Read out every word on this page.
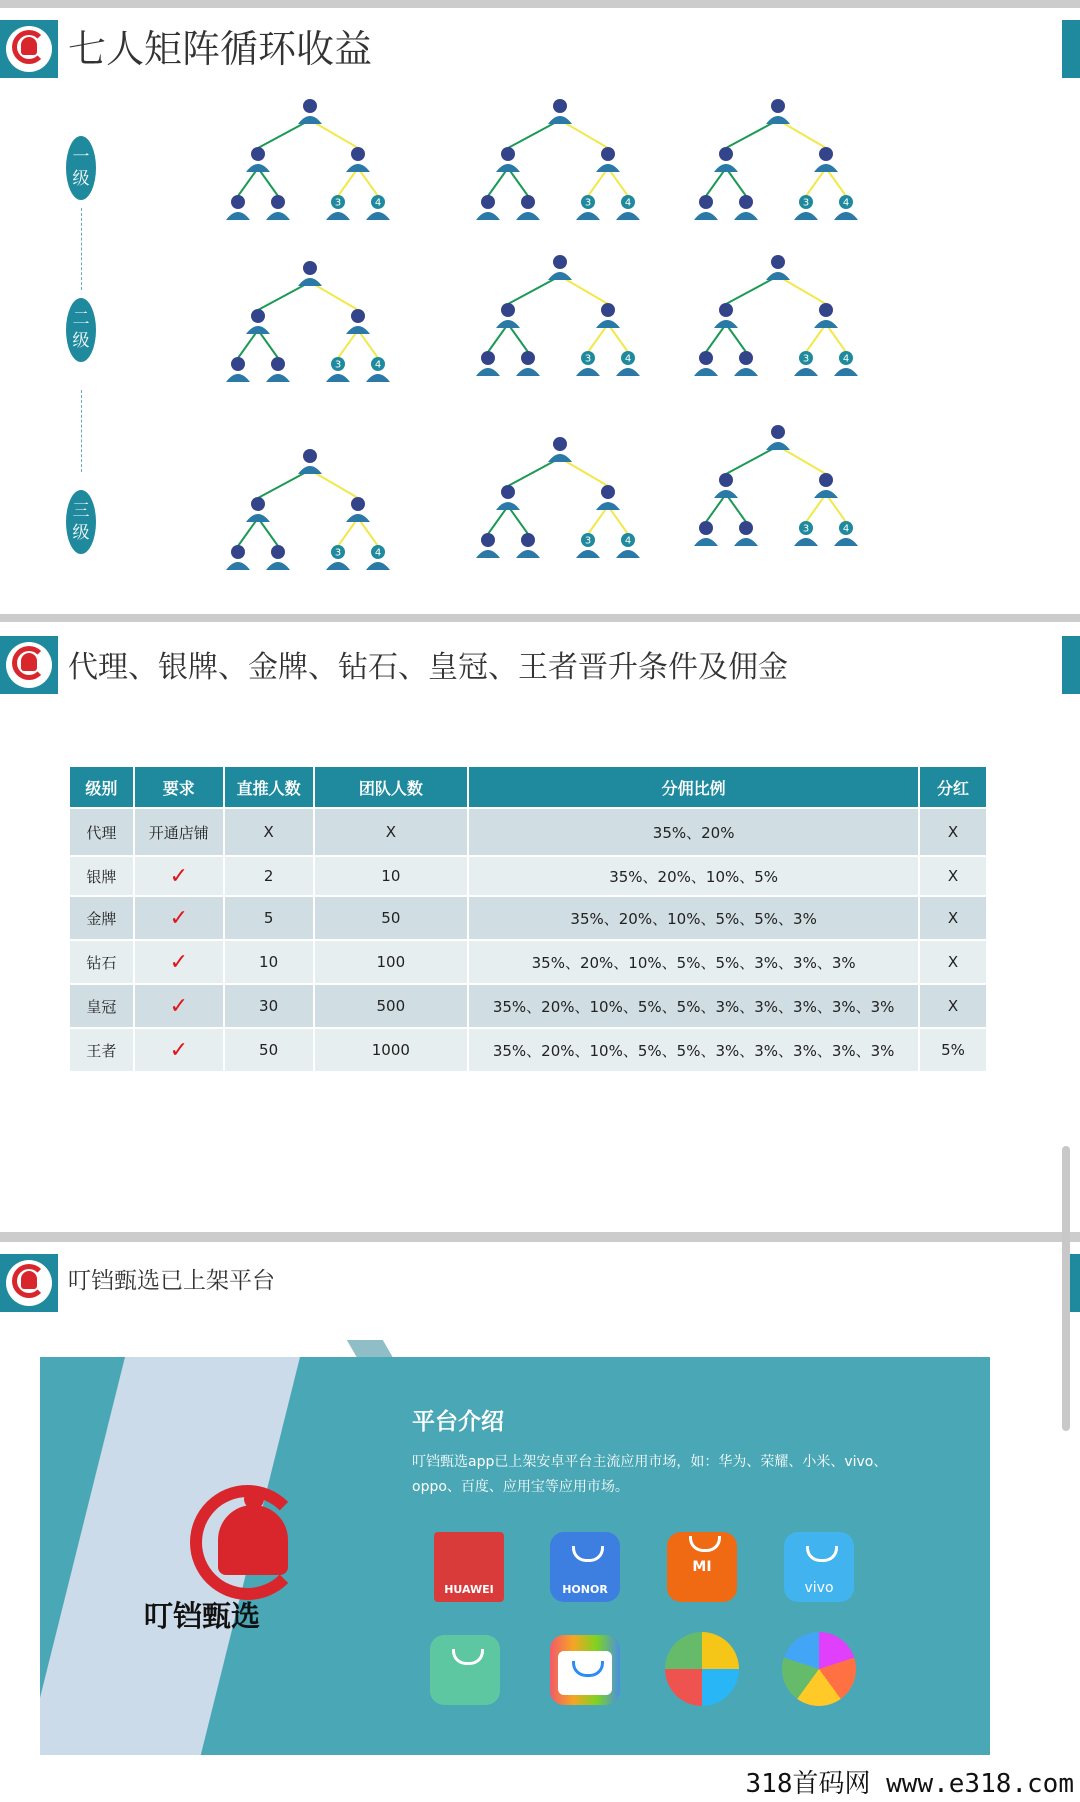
七人矩阵循环收益
一
级
二
级
三
级
3	4	3	4	3	4
3	4
3	4	3	4
3	4
3	4
3	4
代理、银牌、金牌、钻石、皇冠、王者晋升条件及佣金
级别	要求	直推人数	团队人数	分佣比例	分红
代理	开通店铺	X	X	35%、20%	X
银牌	✓	2	10	35%、20%、10%、5%	X
金牌	✓	5	50	35%、20%、10%、5%、5%、3%	X
钻石	✓	10	100	35%、20%、10%、5%、5%、3%、3%、3%	X
皇冠	✓	30	500	35%、20%、10%、5%、5%、3%、3%、3%、3%、3%	X
王者	✓	50	1000	35%、20%、10%、5%、5%、3%、3%、3%、3%、3%	5%
叮铛甄选已上架平台
叮铛甄选
平台介绍
叮铛甄选app已上架安卓平台主流应用市场，如：华为、荣耀、小米、vivo、oppo、百度、应用宝等应用市场。
HUAWEI	HONOR
MI
vivo
318首码网 www.e318.com
